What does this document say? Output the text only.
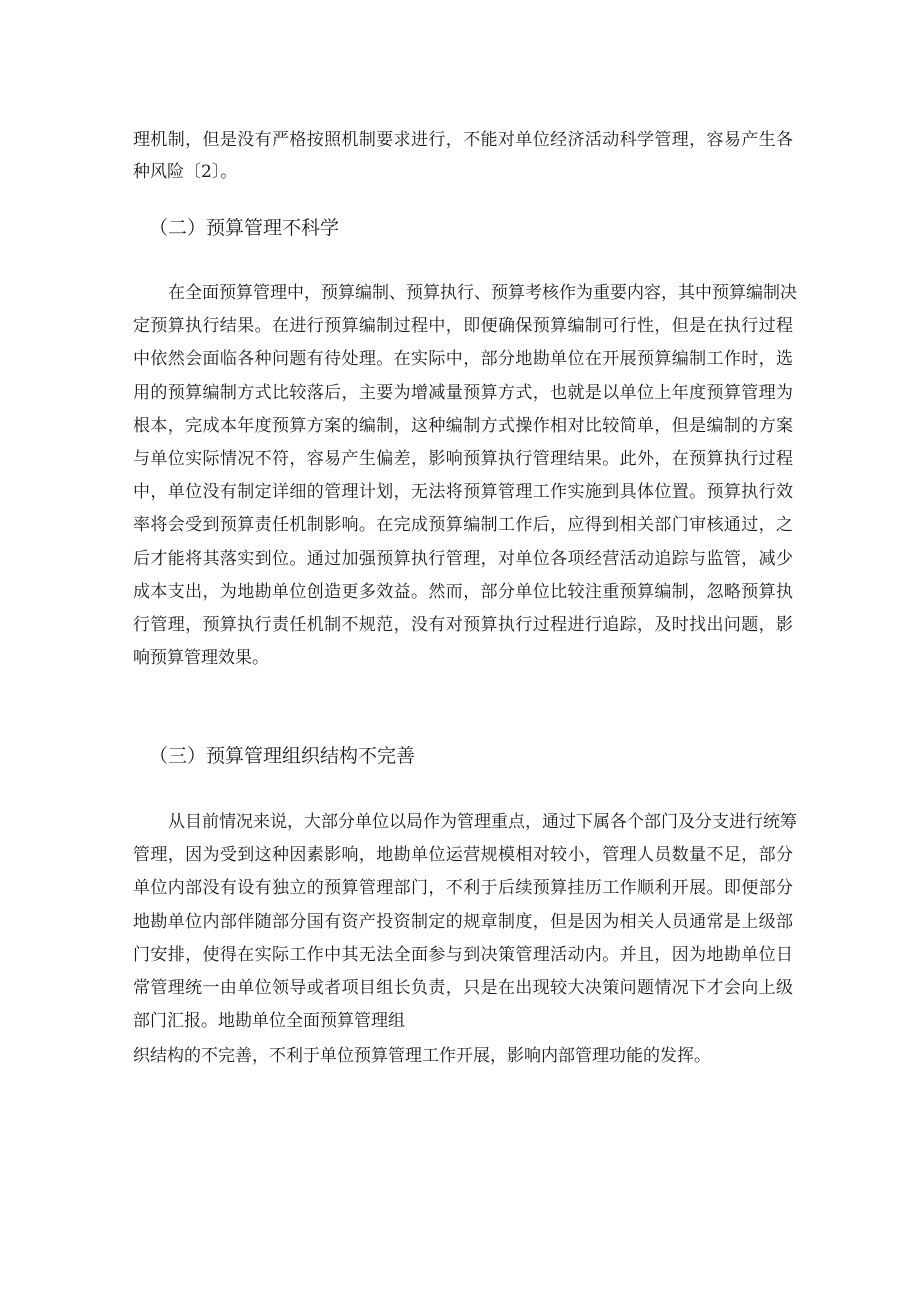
理机制，但是没有严格按照机制要求进行，不能对单位经济活动科学管理，容易产生各
种风险〔2〕。
（二）预算管理不科学
在全面预算管理中，预算编制、预算执行、预算考核作为重要内容，其中预算编制决
定预算执行结果。在进行预算编制过程中，即便确保预算编制可行性，但是在执行过程
中依然会面临各种问题有待处理。在实际中，部分地勘单位在开展预算编制工作时，选
用的预算编制方式比较落后，主要为增减量预算方式，也就是以单位上年度预算管理为
根本，完成本年度预算方案的编制，这种编制方式操作相对比较简单，但是编制的方案
与单位实际情况不符，容易产生偏差，影响预算执行管理结果。此外，在预算执行过程
中，单位没有制定详细的管理计划，无法将预算管理工作实施到具体位置。预算执行效
率将会受到预算责任机制影响。在完成预算编制工作后，应得到相关部门审核通过，之
后才能将其落实到位。通过加强预算执行管理，对单位各项经营活动追踪与监管，减少
成本支出，为地勘单位创造更多效益。然而，部分单位比较注重预算编制，忽略预算执
行管理，预算执行责任机制不规范，没有对预算执行过程进行追踪，及时找出问题，影
响预算管理效果。
（三）预算管理组织结构不完善
从目前情况来说，大部分单位以局作为管理重点，通过下属各个部门及分支进行统筹
管理，因为受到这种因素影响，地勘单位运营规模相对较小，管理人员数量不足，部分
单位内部没有设有独立的预算管理部门，不利于后续预算挂历工作顺利开展。即便部分
地勘单位内部伴随部分国有资产投资制定的规章制度，但是因为相关人员通常是上级部
门安排，使得在实际工作中其无法全面参与到决策管理活动内。并且，因为地勘单位日
常管理统一由单位领导或者项目组长负责，只是在出现较大决策问题情况下才会向上级
部门汇报。地勘单位全面预算管理组
织结构的不完善，不利于单位预算管理工作开展，影响内部管理功能的发挥。
